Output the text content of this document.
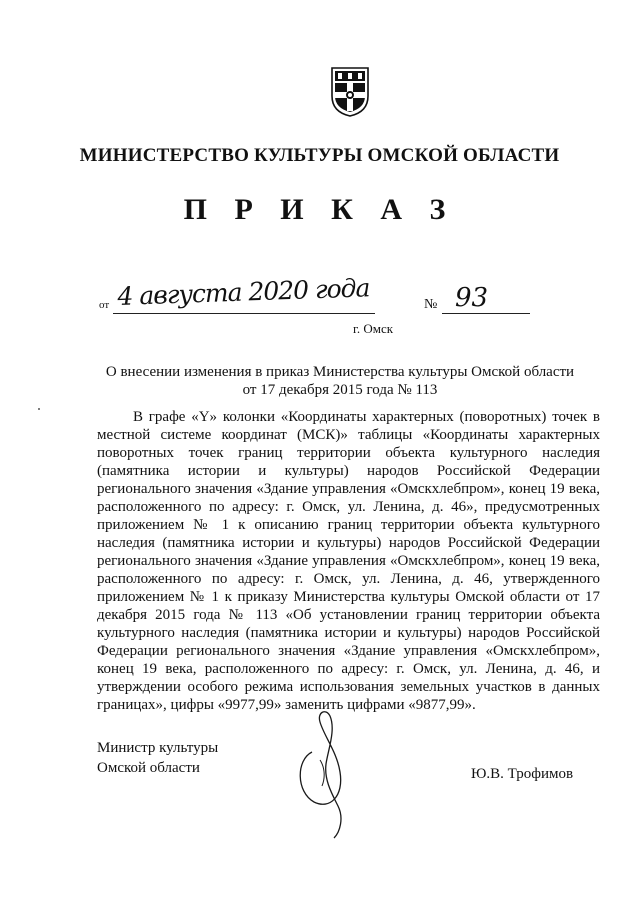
МИНИСТЕРСТВО КУЛЬТУРЫ ОМСКОЙ ОБЛАСТИ
П Р И К А З
от 4 августа 2020 года	№ 93
г. Омск
О внесении изменения в приказ Министерства культуры Омской области
от 17 декабря 2015 года № 113

В графе «Y» колонки «Координаты характерных (поворотных) точек в местной системе координат (МСК)» таблицы «Координаты характерных поворотных точек границ территории объекта культурного наследия (памятника истории и культуры) народов Российской Федерации регионального значения «Здание управления «Омскхлебпром», конец 19 века, расположенного по адресу: г. Омск, ул. Ленина, д. 46», предусмотренных приложением № 1 к описанию границ территории объекта культурного наследия (памятника истории и культуры) народов Российской Федерации регионального значения «Здание управления «Омскхлебпром», конец 19 века, расположенного по адресу: г. Омск, ул. Ленина, д. 46, утвержденного приложением № 1 к приказу Министерства культуры Омской области от 17 декабря 2015 года № 113 «Об установлении границ территории объекта культурного наследия (памятника истории и культуры) народов Российской Федерации регионального значения «Здание управления «Омскхлебпром», конец 19 века, расположенного по адресу: г. Омск, ул. Ленина, д. 46, и утверждении особого режима использования земельных участков в данных границах», цифры «9977,99» заменить цифрами «9877,99».

Министр культуры
Омской области	Ю.В. Трофимов
